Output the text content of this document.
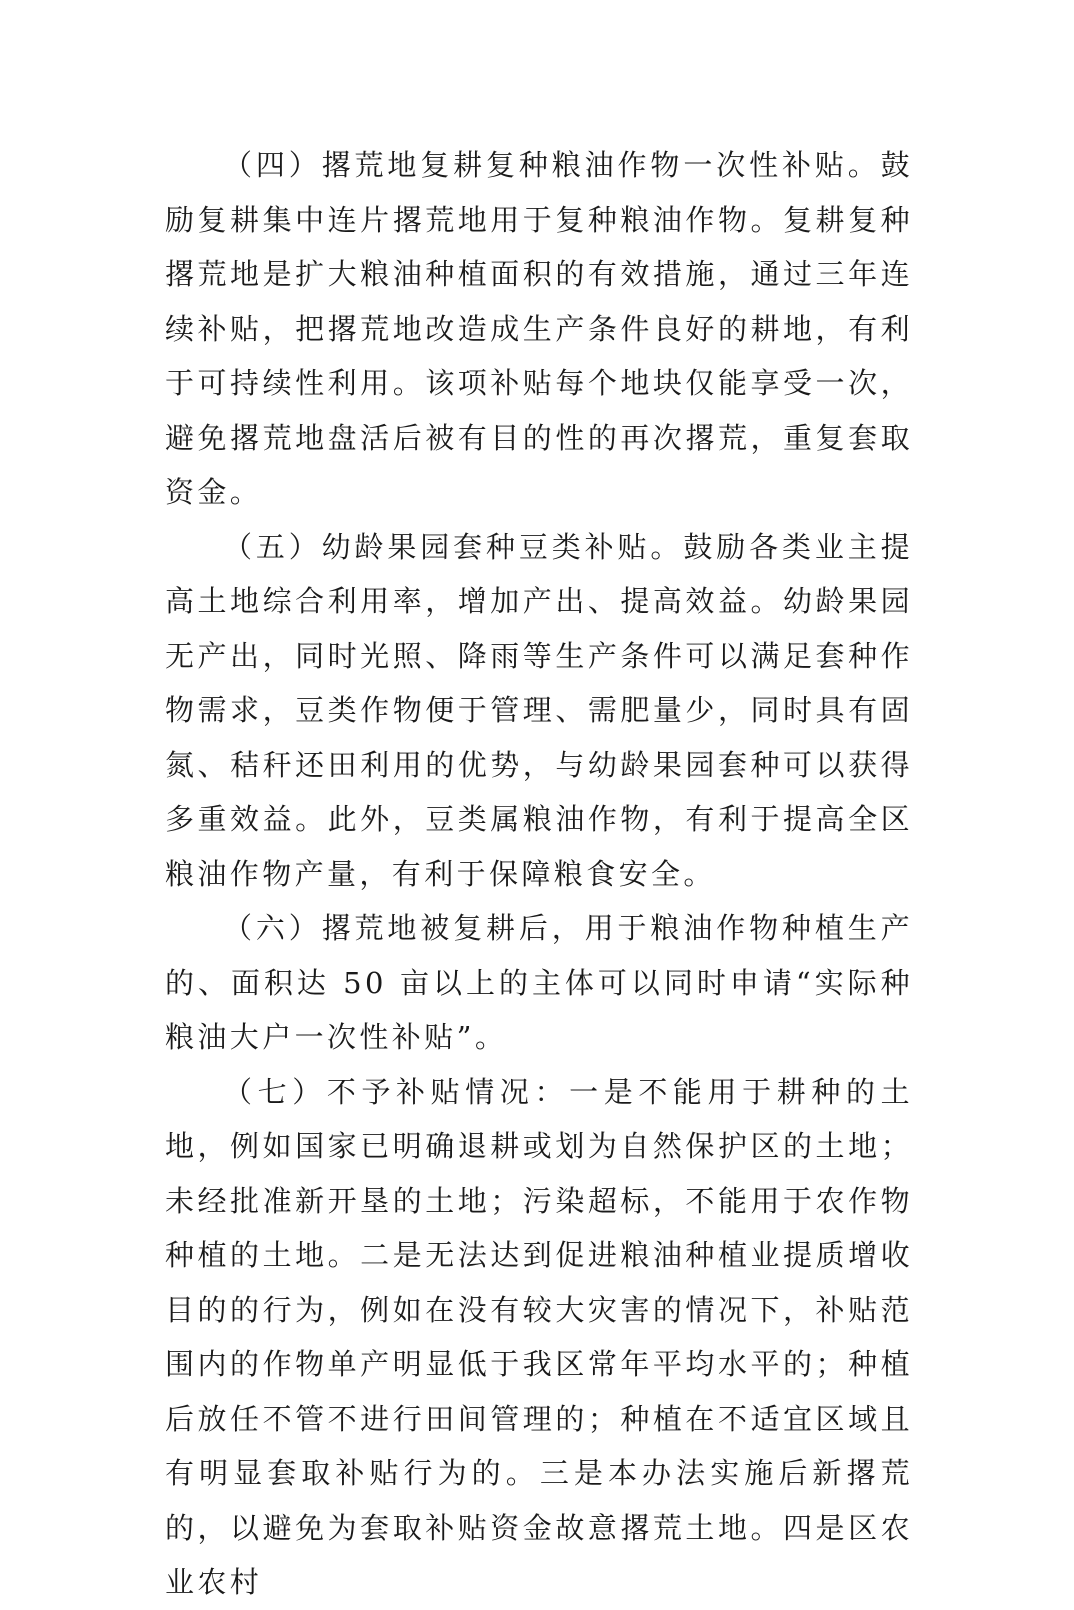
（四）撂荒地复耕复种粮油作物一次性补贴。鼓励复耕集中连片撂荒地用于复种粮油作物。复耕复种撂荒地是扩大粮油种植面积的有效措施，通过三年连续补贴，把撂荒地改造成生产条件良好的耕地，有利于可持续性利用。该项补贴每个地块仅能享受一次，避免撂荒地盘活后被有目的性的再次撂荒，重复套取资金。

（五）幼龄果园套种豆类补贴。鼓励各类业主提高土地综合利用率，增加产出、提高效益。幼龄果园无产出，同时光照、降雨等生产条件可以满足套种作物需求，豆类作物便于管理、需肥量少，同时具有固氮、秸秆还田利用的优势，与幼龄果园套种可以获得多重效益。此外，豆类属粮油作物，有利于提高全区粮油作物产量，有利于保障粮食安全。

（六）撂荒地被复耕后，用于粮油作物种植生产的、面积达 50 亩以上的主体可以同时申请“实际种粮油大户一次性补贴”。

（七）不予补贴情况：一是不能用于耕种的土地，例如国家已明确退耕或划为自然保护区的土地；未经批准新开垦的土地；污染超标，不能用于农作物种植的土地。二是无法达到促进粮油种植业提质增收目的的行为，例如在没有较大灾害的情况下，补贴范围内的作物单产明显低于我区常年平均水平的；种植后放任不管不进行田间管理的；种植在不适宜区域且有明显套取补贴行为的。三是本办法实施后新撂荒的，以避免为套取补贴资金故意撂荒土地。四是区农业农村
